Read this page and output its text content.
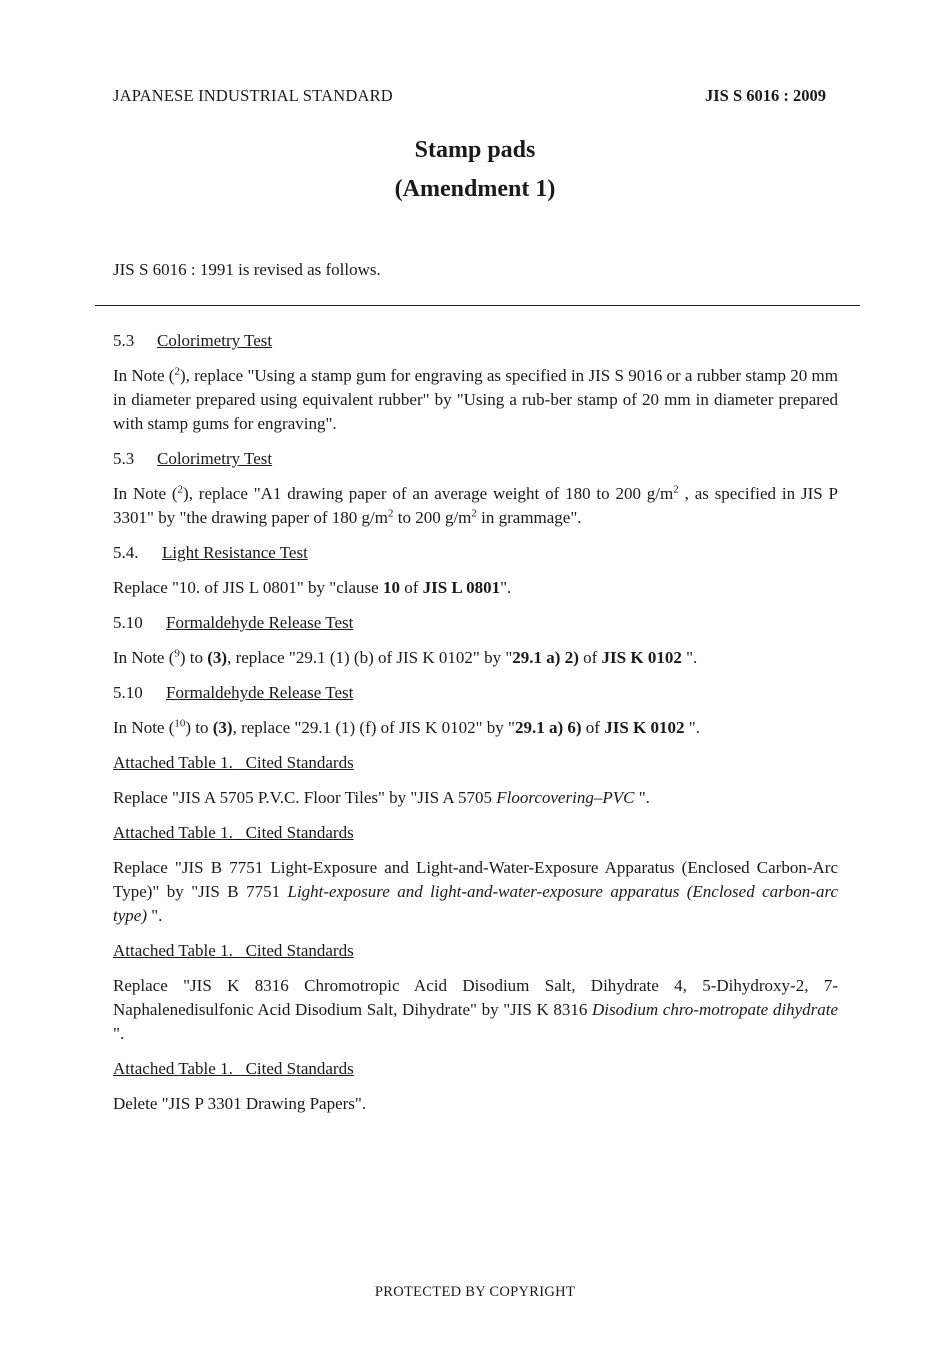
JAPANESE INDUSTRIAL STANDARD	JIS S 6016 : 2009
Stamp pads
(Amendment 1)
JIS S 6016 : 1991 is revised as follows.

5.3 Colorimetry Test

In Note ($^2$), replace "Using a stamp gum for engraving as specified in JIS S 9016 or a rubber stamp 20 mm in diameter prepared using equivalent rubber" by "Using a rub-ber stamp of 20 mm in diameter prepared with stamp gums for engraving".

5.3 Colorimetry Test

In Note ($^2$), replace "A1 drawing paper of an average weight of 180 to 200 $g/m^2$ , as specified in JIS P 3301" by "the drawing paper of 180 $g/m^2$ to 200 $g/m^2$ in grammage".

5.4. Light Resistance Test

Replace "10. of JIS L 0801" by "clause 10 of JIS L 0801".

5.10 Formaldehyde Release Test

In Note ($^9$) to (3), replace "29.1 (1) (b) of JIS K 0102" by "29.1 a) 2) of JIS K 0102 ".

5.10 Formaldehyde Release Test

In Note ($^{10}$) to (3), replace "29.1 (1) (f) of JIS K 0102" by "29.1 a) 6) of JIS K 0102 ".

Attached Table 1. Cited Standards

Replace "JIS A 5705 P.V.C. Floor Tiles" by "JIS A 5705 Floorcovering–PVC ".

Attached Table 1. Cited Standards

Replace "JIS B 7751 Light-Exposure and Light-and-Water-Exposure Apparatus (Enclosed Carbon-Arc Type)" by "JIS B 7751 Light-exposure and light-and-water-exposure apparatus (Enclosed carbon-arc type) ".

Attached Table 1. Cited Standards

Replace "JIS K 8316 Chromotropic Acid Disodium Salt, Dihydrate 4, 5-Dihydroxy-2, 7-Naphalenedisulfonic Acid Disodium Salt, Dihydrate" by "JIS K 8316 Disodium chro-motropate dihydrate ".

Attached Table 1. Cited Standards

Delete "JIS P 3301 Drawing Papers".

PROTECTED BY COPYRIGHT
